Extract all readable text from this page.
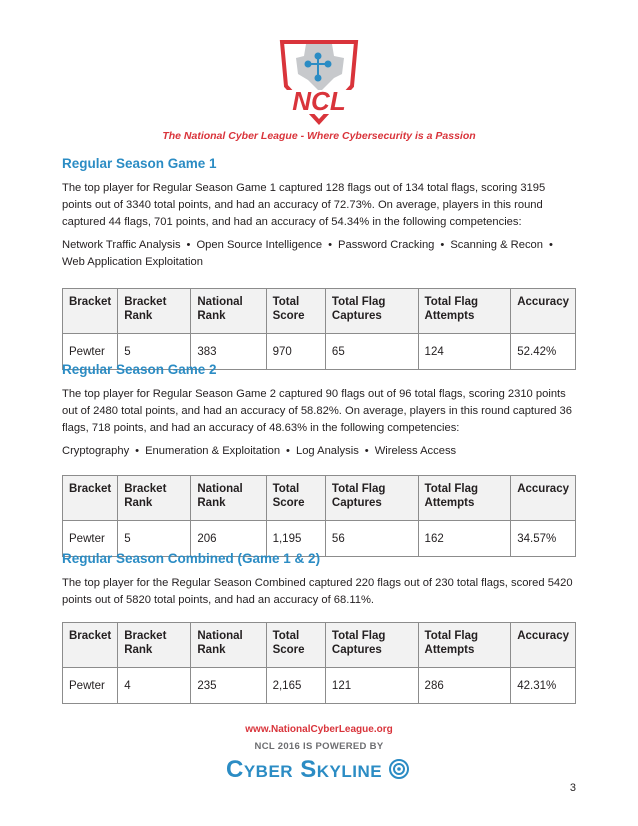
NCL
The National Cyber League - Where Cybersecurity is a Passion
Regular Season Game 1

The top player for Regular Season Game 1 captured 128 flags out of 134 total flags, scoring 3195 points out of 3340 total points, and had an accuracy of 72.73%. On average, players in this round captured 44 flags, 701 points, and had an accuracy of 54.34% in the following competencies:

Network Traffic Analysis • Open Source Intelligence • Password Cracking • Scanning & Recon •Web Application Exploitation
Bracket	Bracket Rank	National Rank	Total Score	Total Flag Captures	Total Flag Attempts	Accuracy
Pewter	5	383	970	65	124	52.42%
Regular Season Game 2

The top player for Regular Season Game 2 captured 90 flags out of 96 total flags, scoring 2310 points out of 2480 total points, and had an accuracy of 58.82%. On average, players in this round captured 36 flags, 718 points, and had an accuracy of 48.63% in the following competencies:

Cryptography • Enumeration & Exploitation • Log Analysis • Wireless Access
Bracket	Bracket Rank	National Rank	Total Score	Total Flag Captures	Total Flag Attempts	Accuracy
Pewter	5	206	1,195	56	162	34.57%
Regular Season Combined (Game 1 & 2)

The top player for the Regular Season Combined captured 220 flags out of 230 total flags, scored 5420 points out of 5820 total points, and had an accuracy of 68.11%.

Bracket	Bracket Rank	National Rank	Total Score	Total Flag Captures	Total Flag Attempts	Accuracy
Pewter	4	235	2,165	121	286	42.31%
www.NationalCyberLeague.org
NCL 2016 IS POWERED BY
Cyber Skyline
3
